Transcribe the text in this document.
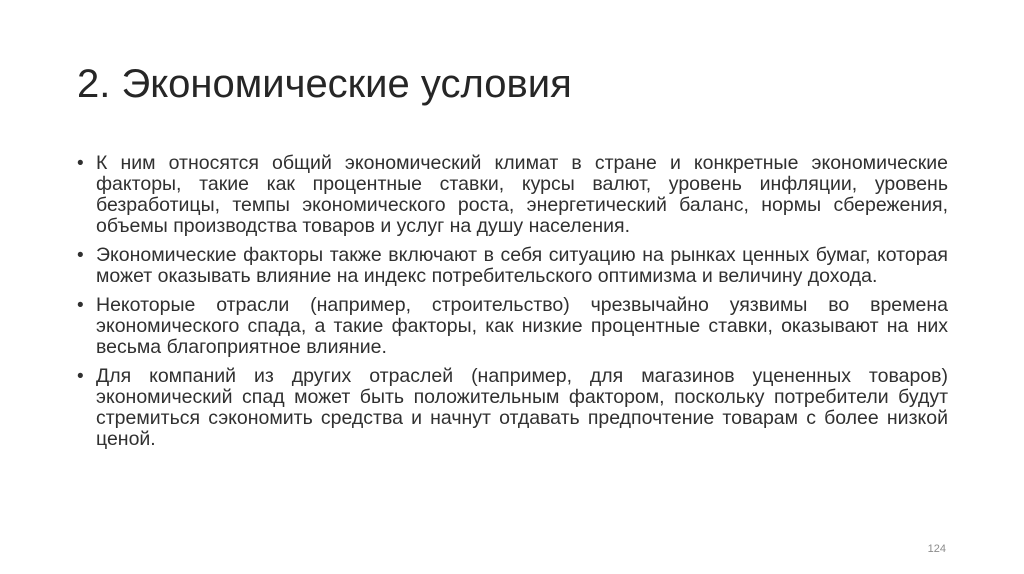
2. Экономические условия
• К ним относятся общий экономический климат в стране и конкретные экономические факторы, такие как процентные ставки, курсы валют, уровень инфляции, уровень безработицы, темпы экономического роста, энергетический баланс, нормы сбережения, объемы производства товаров и услуг на душу населения.
• Экономические факторы также включают в себя ситуацию на рынках ценных бумаг, которая может оказывать влияние на индекс потребительского оптимизма и величину дохода.
• Некоторые отрасли (например, строительство) чрезвычайно уязвимы во времена экономического спада, а такие факторы, как низкие процентные ставки, оказывают на них весьма благоприятное влияние.
• Для компаний из других отраслей (например, для магазинов уцененных товаров) экономический спад может быть положительным фактором, поскольку потребители будут стремиться сэкономить средства и начнут отдавать предпочтение товарам с более низкой ценой.
124
